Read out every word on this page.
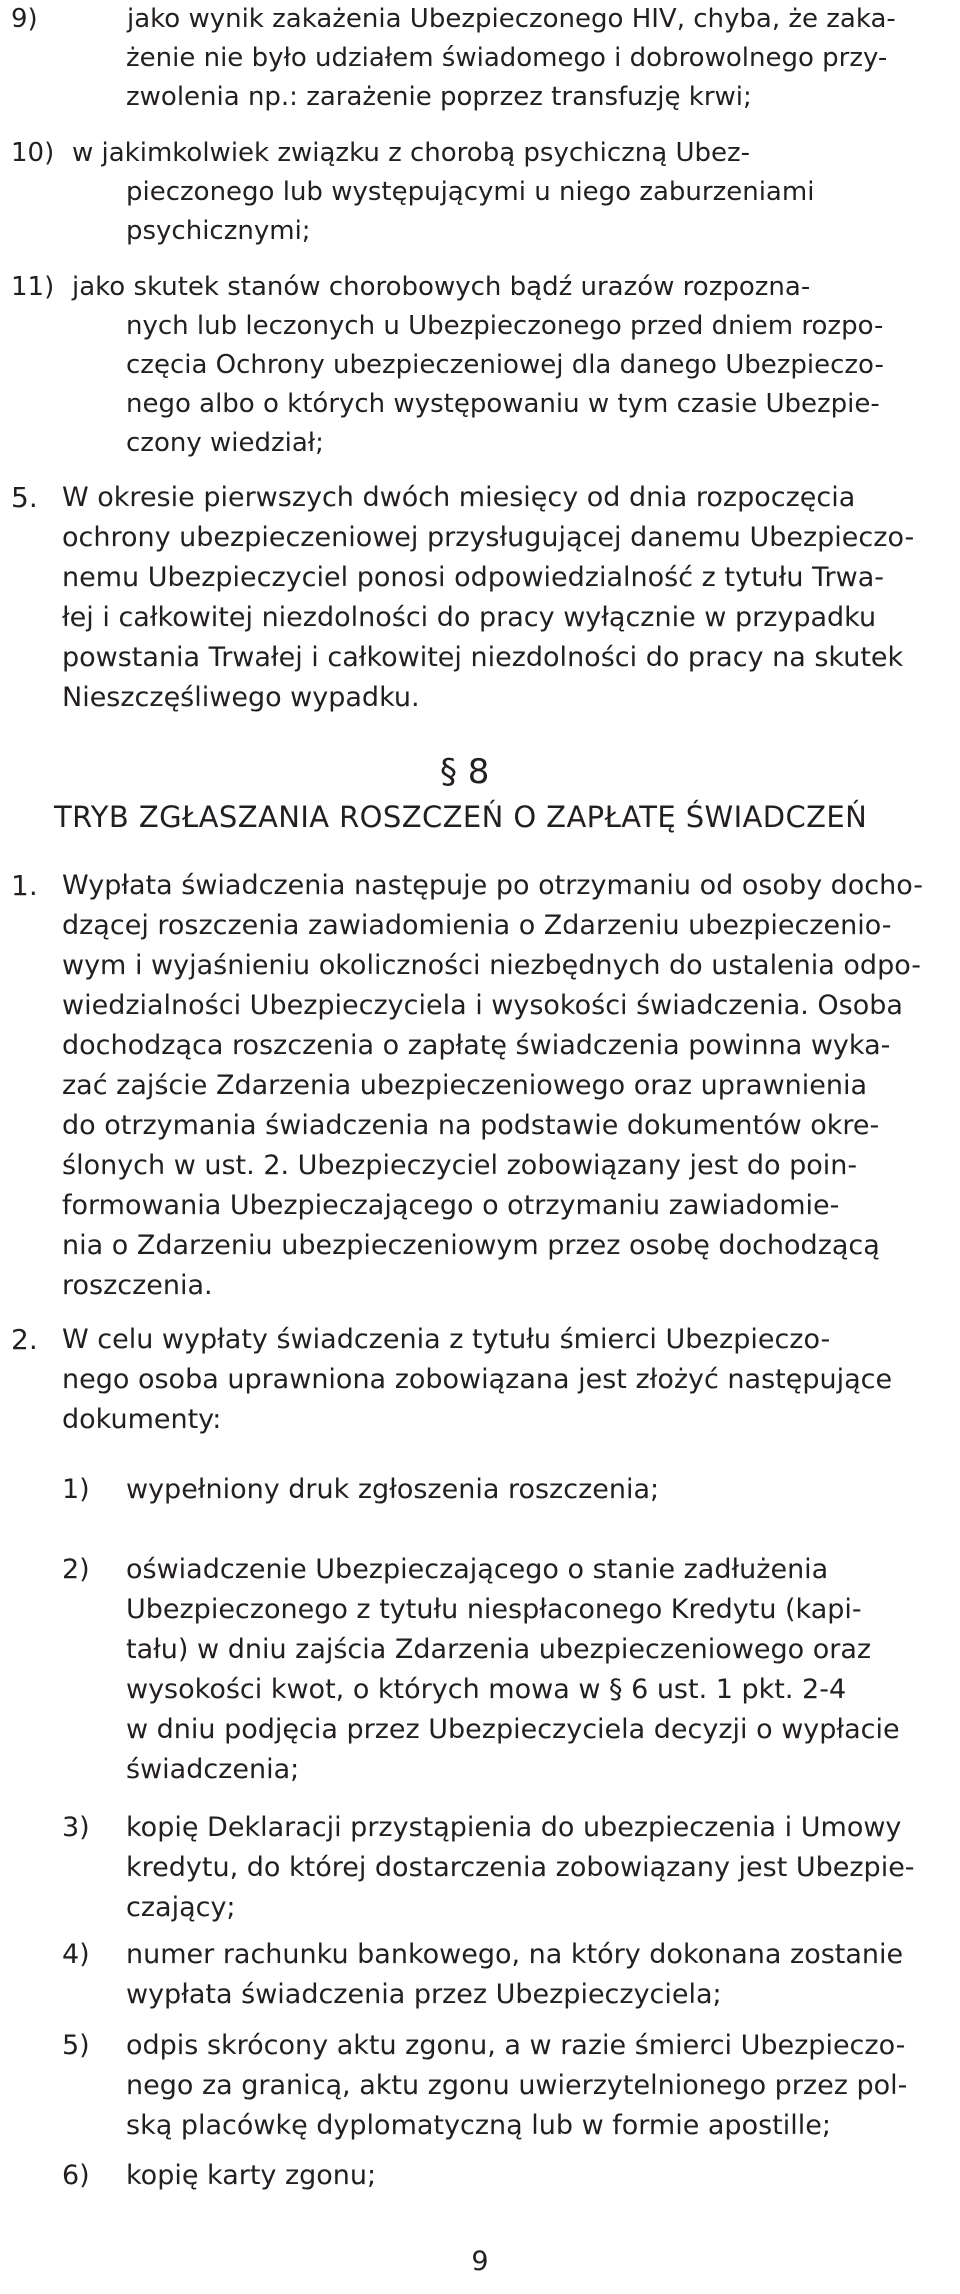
9)	jako wynik zakażenia Ubezpieczonego HIV, chyba, że zaka-
żenie nie było udziałem świadomego i dobrowolnego przy-
zwolenia np.: zarażenie poprzez transfuzję krwi;
10) w jakimkolwiek związku z chorobą psychiczną Ubez-
pieczonego lub występującymi u niego zaburzeniami
psychicznymi;
11) jako skutek stanów chorobowych bądź urazów rozpozna-
nych lub leczonych u Ubezpieczonego przed dniem rozpo-
częcia Ochrony ubezpieczeniowej dla danego Ubezpieczo-
nego albo o których występowaniu w tym czasie Ubezpie-
czony wiedział;
5. W okresie pierwszych dwóch miesięcy od dnia rozpoczęcia
ochrony ubezpieczeniowej przysługującej danemu Ubezpieczo-
nemu Ubezpieczyciel ponosi odpowiedzialność z tytułu Trwa-
łej i całkowitej niezdolności do pracy wyłącznie w przypadku
powstania Trwałej i całkowitej niezdolności do pracy na skutek
Nieszczęśliwego wypadku.
§ 8
TRYB ZGŁASZANIA ROSZCZEŃ O ZAPŁATĘ ŚWIADCZEŃ
1. Wypłata świadczenia następuje po otrzymaniu od osoby docho-
dzącej roszczenia zawiadomienia o Zdarzeniu ubezpieczenio-
wym i wyjaśnieniu okoliczności niezbędnych do ustalenia odpo-
wiedzialności Ubezpieczyciela i wysokości świadczenia. Osoba
dochodząca roszczenia o zapłatę świadczenia powinna wyka-
zać zajście Zdarzenia ubezpieczeniowego oraz uprawnienia
do otrzymania świadczenia na podstawie dokumentów okre-
ślonych w ust. 2. Ubezpieczyciel zobowiązany jest do poin-
formowania Ubezpieczającego o otrzymaniu zawiadomie-
nia o Zdarzeniu ubezpieczeniowym przez osobę dochodzącą
roszczenia.
2. W celu wypłaty świadczenia z tytułu śmierci Ubezpieczo-
nego osoba uprawniona zobowiązana jest złożyć następujące
dokumenty:
1) wypełniony druk zgłoszenia roszczenia;
2) oświadczenie Ubezpieczającego o stanie zadłużenia
Ubezpieczonego z tytułu niespłaconego Kredytu (kapi-
tału) w dniu zajścia Zdarzenia ubezpieczeniowego oraz
wysokości kwot, o których mowa w § 6 ust. 1 pkt. 2-4
w dniu podjęcia przez Ubezpieczyciela decyzji o wypłacie
świadczenia;
3) kopię Deklaracji przystąpienia do ubezpieczenia i Umowy
kredytu, do której dostarczenia zobowiązany jest Ubezpie-
czający;
4) numer rachunku bankowego, na który dokonana zostanie
wypłata świadczenia przez Ubezpieczyciela;
5) odpis skrócony aktu zgonu, a w razie śmierci Ubezpieczo-
nego za granicą, aktu zgonu uwierzytelnionego przez pol-
ską placówkę dyplomatyczną lub w formie apostille;
6) kopię karty zgonu;
9
